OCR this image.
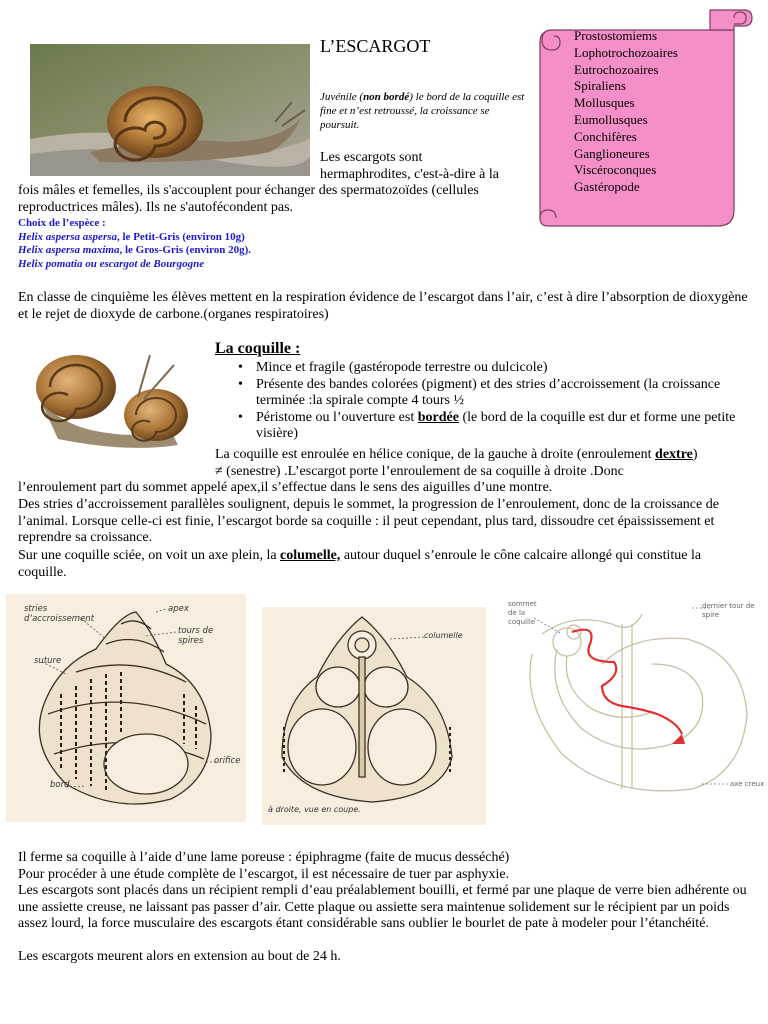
L’ESCARGOT
Juvénile (non bordé) le bord de la coquille est fine et n’est retroussé, la croissance se poursuit.
Prostostomiems
Lophotrochozoaires
Eutrochozoaires
Spiraliens
Mollusques
Eumollusques
Conchifères
Ganglioneures
Viscéroconques
Gastéropode
Les escargots sont
hermaphrodites, c'est-à-dire à la
fois mâles et femelles, ils s'accouplent pour échanger des spermatozoïdes (cellules reproductrices mâles). Ils ne s'autofécondent pas.
Choix de l’espèce :
Helix aspersa aspersa, le Petit-Gris (environ 10g)
Helix aspersa maxima, le Gros-Gris (environ 20g).
Helix pomatia ou escargot de Bourgogne
En classe de cinquième les élèves mettent en la respiration évidence de l’escargot dans l’air, c’est à dire l’absorption de dioxygène et le rejet de dioxyde de carbone.(organes respiratoires)
La coquille :
• Mince et fragile (gastéropode terrestre ou dulcicole)
• Présente des bandes colorées (pigment) et des stries d’accroissement (la croissance terminée :la spirale compte 4 tours ½
• Péristome ou l’ouverture est bordée (le bord de la coquille est dur et forme une petite visière)
La coquille est enroulée en hélice conique, de la gauche à droite (enroulement dextre)
≠ (senestre) .L’escargot porte l’enroulement de sa coquille à droite .Donc
l’enroulement part du sommet appelé apex,il s’effectue dans le sens des aiguilles d’une montre.
Des stries d’accroissement parallèles soulignent, depuis le sommet, la progression de l’enroulement, donc de la croissance de l’animal. Lorsque celle-ci est finie, l’escargot borde sa coquille : il peut cependant, plus tard, dissoudre cet épaississement et reprendre sa croissance.
Sur une coquille sciée, on voit un axe plein, la columelle, autour duquel s’enroule le cône calcaire allongé qui constitue la coquille.
stries d’accroissement
apex
tours de spires
suture
orifice
bord
columelle
à droite, vue en coupe.
sommet de la coquille
dernier tour de spire
axe creux
Il ferme sa coquille à l’aide d’une lame poreuse : épiphragme (faite de mucus desséché)
Pour procéder à une étude complète de l’escargot, il est nécessaire de tuer par asphyxie.
Les escargots sont placés dans un récipient rempli d’eau préalablement bouilli, et fermé par une plaque de verre bien adhérente ou une assiette creuse, ne laissant pas passer d’air. Cette plaque ou assiette sera maintenue solidement sur le récipient par un poids assez lourd, la force musculaire des escargots étant considérable sans oublier le bourlet de pate à modeler pour l’étanchéité.
Les escargots meurent alors en extension au bout de 24 h.
